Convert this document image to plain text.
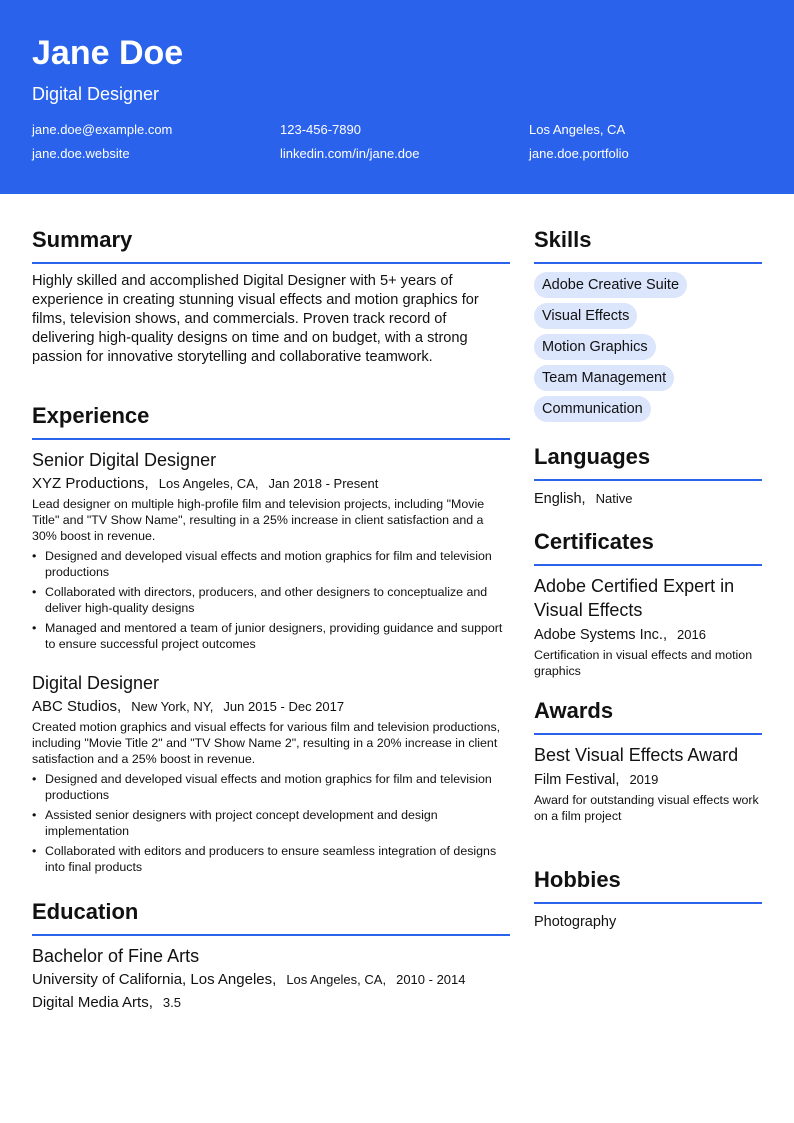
Jane Doe
Digital Designer
jane.doe@example.com	123-456-7890	Los Angeles, CA
jane.doe.website	linkedin.com/in/jane.doe	jane.doe.portfolio
Summary
Highly skilled and accomplished Digital Designer with 5+ years of experience in creating stunning visual effects and motion graphics for films, television shows, and commercials. Proven track record of delivering high-quality designs on time and on budget, with a strong passion for innovative storytelling and collaborative teamwork.
Experience
Senior Digital Designer
XYZ Productions, Los Angeles, CA, Jan 2018 - Present
Lead designer on multiple high-profile film and television projects, including "Movie Title" and "TV Show Name", resulting in a 25% increase in client satisfaction and a 30% boost in revenue.
• Designed and developed visual effects and motion graphics for film and television productions
• Collaborated with directors, producers, and other designers to conceptualize and deliver high-quality designs
• Managed and mentored a team of junior designers, providing guidance and support to ensure successful project outcomes
Digital Designer
ABC Studios, New York, NY, Jun 2015 - Dec 2017
Created motion graphics and visual effects for various film and television productions, including "Movie Title 2" and "TV Show Name 2", resulting in a 20% increase in client satisfaction and a 25% boost in revenue.
• Designed and developed visual effects and motion graphics for film and television productions
• Assisted senior designers with project concept development and design implementation
• Collaborated with editors and producers to ensure seamless integration of designs into final products
Education
Bachelor of Fine Arts
University of California, Los Angeles, Los Angeles, CA, 2010 - 2014
Digital Media Arts, 3.5
Skills
Adobe Creative Suite
Visual Effects
Motion Graphics
Team Management
Communication
Languages
English, Native
Certificates
Adobe Certified Expert in Visual Effects
Adobe Systems Inc., 2016
Certification in visual effects and motion graphics
Awards
Best Visual Effects Award
Film Festival, 2019
Award for outstanding visual effects work on a film project
Hobbies
Photography
